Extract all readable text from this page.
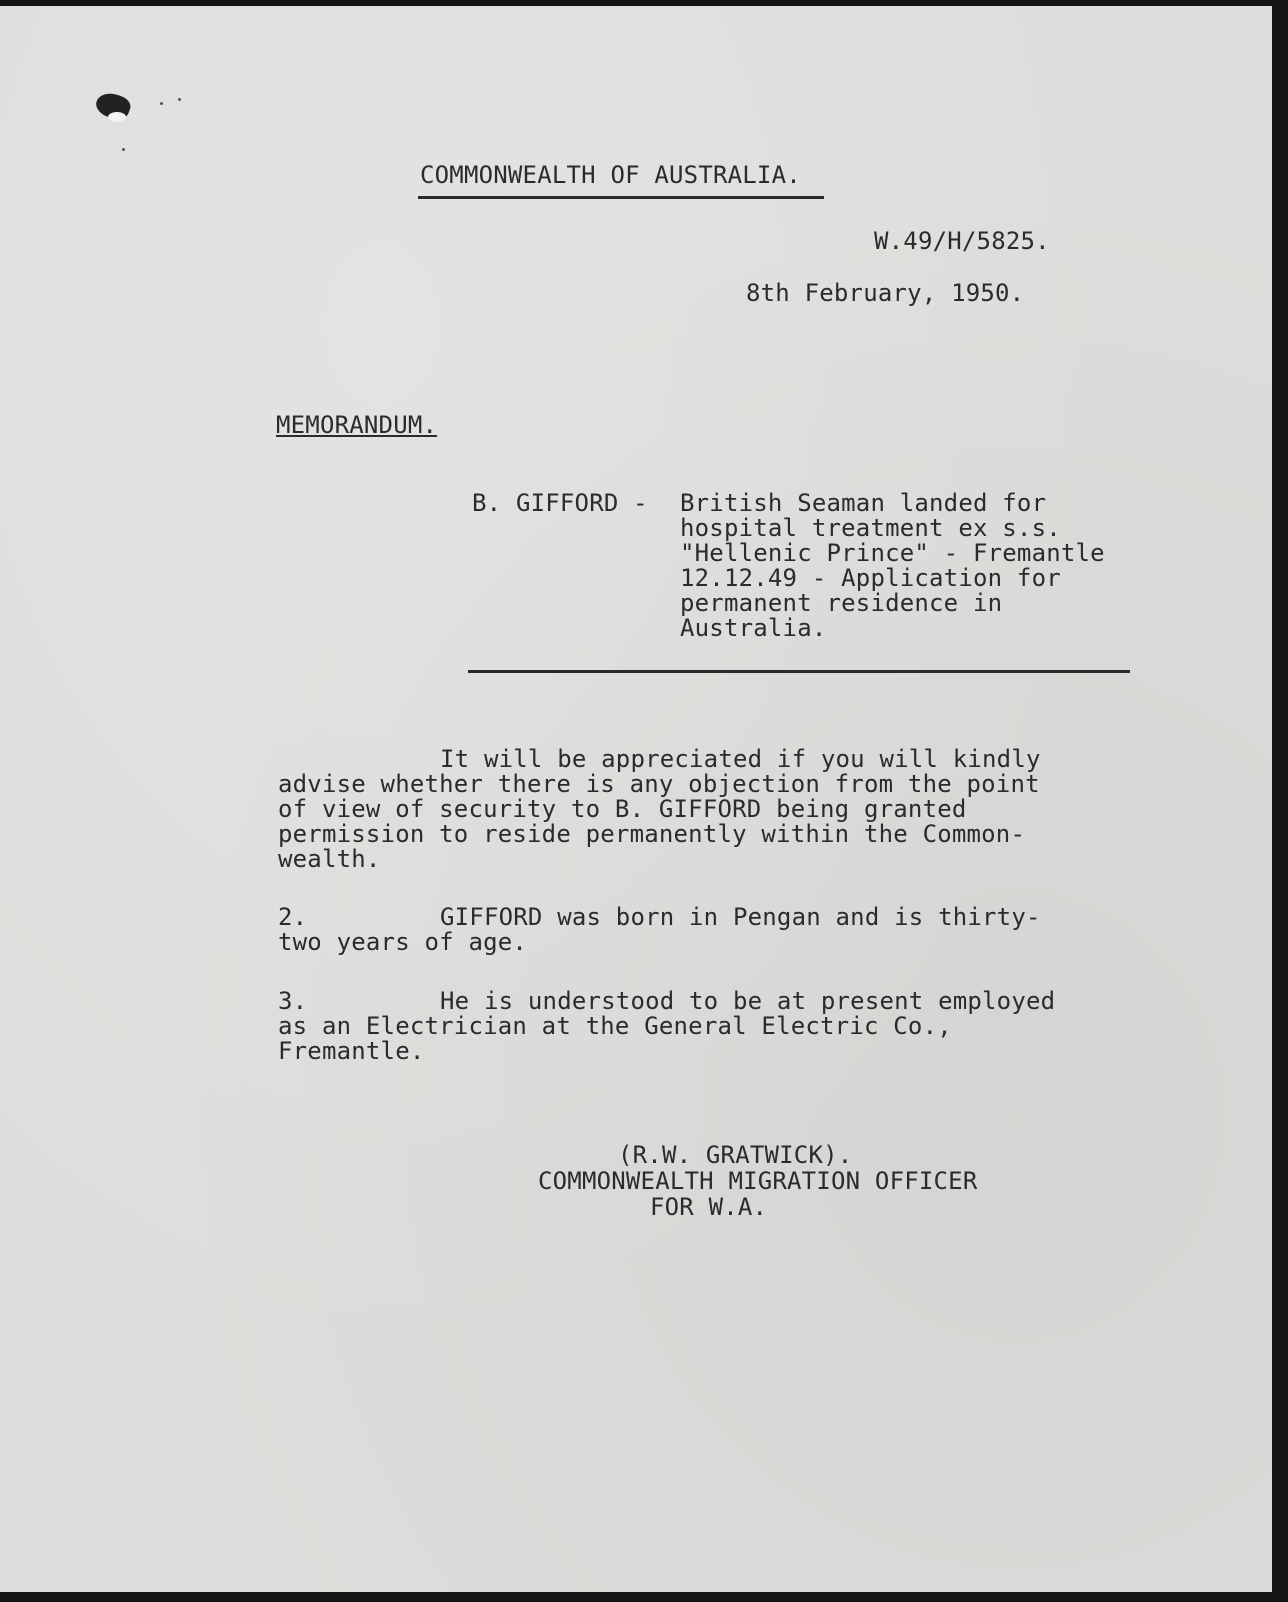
COMMONWEALTH OF AUSTRALIA.
W.49/H/5825.
8th February, 1950.
MEMORANDUM.
B. GIFFORD - British Seaman landed for
hospital treatment ex s.s.
"Hellenic Prince" - Fremantle
12.12.49 - Application for
permanent residence in
Australia.
It will be appreciated if you will kindly
advise whether there is any objection from the point
of view of security to B. GIFFORD being granted
permission to reside permanently within the Common-
wealth.
2.	GIFFORD was born in Pengan and is thirty-
two years of age.
3.	He is understood to be at present employed
as an Electrician at the General Electric Co.,
Fremantle.
(R.W. GRATWICK).
COMMONWEALTH MIGRATION OFFICER
FOR W.A.
